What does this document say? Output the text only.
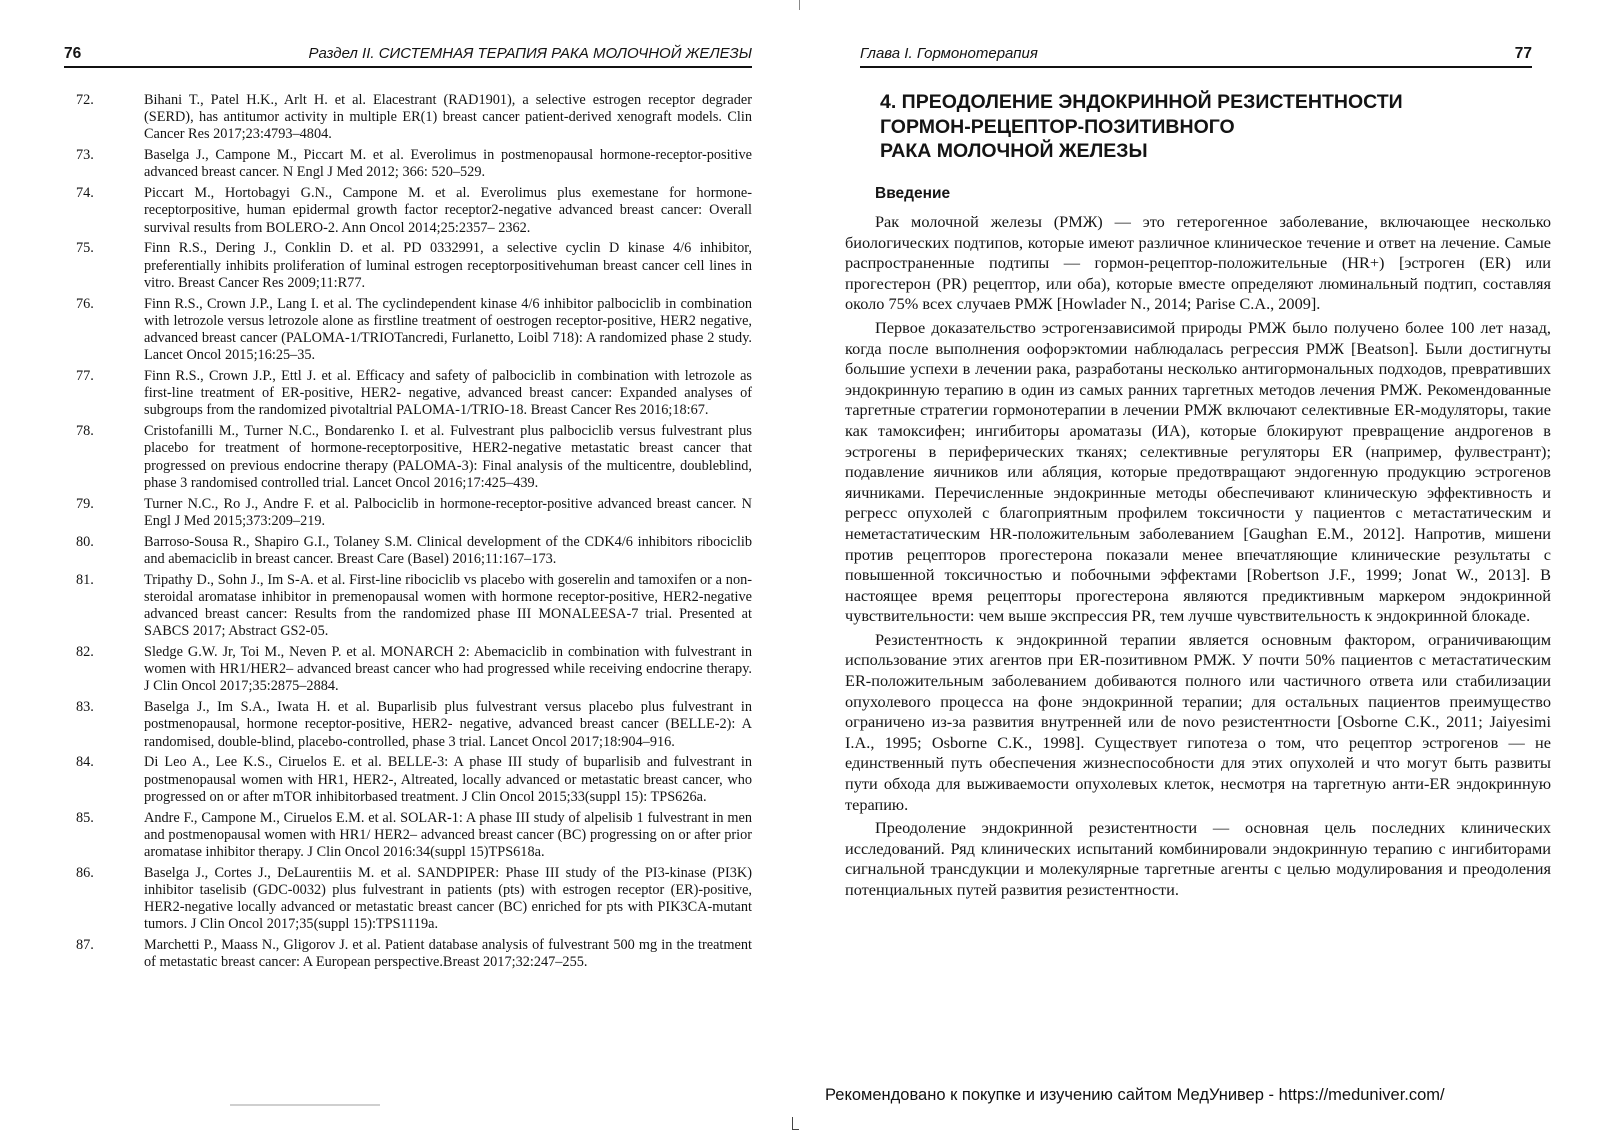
76	Раздел II. СИСТЕМНАЯ ТЕРАПИЯ РАКА МОЛОЧНОЙ ЖЕЛЕЗЫ
72.	Bihani T., Patel H.K., Arlt H. et al. Elacestrant (RAD1901), a selective estrogen receptor degrader (SERD), has antitumor activity in multiple ER(1) breast cancer patient-derived xenograft models. Clin Cancer Res 2017;23:4793–4804.
73.	Baselga J., Campone M., Piccart M. et al. Everolimus in postmenopausal hormone-receptor-positive advanced breast cancer. N Engl J Med 2012; 366: 520–529.
74.	Piccart M., Hortobagyi G.N., Campone M. et al. Everolimus plus exemestane for hormone-receptorpositive, human epidermal growth factor receptor2-negative advanced breast cancer: Overall survival results from BOLERO-2. Ann Oncol 2014;25:2357– 2362.
75.	Finn R.S., Dering J., Conklin D. et al. PD 0332991, a selective cyclin D kinase 4/6 inhibitor, preferentially inhibits proliferation of luminal estrogen receptorpositivehuman breast cancer cell lines in vitro. Breast Cancer Res 2009;11:R77.
76.	Finn R.S., Crown J.P., Lang I. et al. The cyclindependent kinase 4/6 inhibitor palbociclib in combination with letrozole versus letrozole alone as firstline treatment of oestrogen receptor-positive, HER2 negative, advanced breast cancer (PALOMA-1/TRIOTancredi, Furlanetto, Loibl 718): A randomized phase 2 study. Lancet Oncol 2015;16:25–35.
77.	Finn R.S., Crown J.P., Ettl J. et al. Efficacy and safety of palbociclib in combination with letrozole as first-line treatment of ER-positive, HER2- negative, advanced breast cancer: Expanded analyses of subgroups from the randomized pivotaltrial PALOMA-1/TRIO-18. Breast Cancer Res 2016;18:67.
78.	Cristofanilli M., Turner N.C., Bondarenko I. et al. Fulvestrant plus palbociclib versus fulvestrant plus placebo for treatment of hormone-receptorpositive, HER2-negative metastatic breast cancer that progressed on previous endocrine therapy (PALOMA-3): Final analysis of the multicentre, doubleblind, phase 3 randomised controlled trial. Lancet Oncol 2016;17:425–439.
79.	Turner N.C., Ro J., Andre F. et al. Palbociclib in hormone-receptor-positive advanced breast cancer. N Engl J Med 2015;373:209–219.
80.	Barroso-Sousa R., Shapiro G.I., Tolaney S.M. Clinical development of the CDK4/6 inhibitors ribociclib and abemaciclib in breast cancer. Breast Care (Basel) 2016;11:167–173.
81.	Tripathy D., Sohn J., Im S-A. et al. First-line ribociclib vs placebo with goserelin and tamoxifen or a non-steroidal aromatase inhibitor in premenopausal women with hormone receptor-positive, HER2-negative advanced breast cancer: Results from the randomized phase III MONALEESA-7 trial. Presented at SABCS 2017; Abstract GS2-05.
82.	Sledge G.W. Jr, Toi M., Neven P. et al. MONARCH 2: Abemaciclib in combination with fulvestrant in women with HR1/HER2– advanced breast cancer who had progressed while receiving endocrine therapy. J Clin Oncol 2017;35:2875–2884.
83.	Baselga J., Im S.A., Iwata H. et al. Buparlisib plus fulvestrant versus placebo plus fulvestrant in postmenopausal, hormone receptor-positive, HER2- negative, advanced breast cancer (BELLE-2): A randomised, double-blind, placebo-controlled, phase 3 trial. Lancet Oncol 2017;18:904–916.
84.	Di Leo A., Lee K.S., Ciruelos E. et al. BELLE-3: A phase III study of buparlisib and fulvestrant in postmenopausal women with HR1, HER2-, Altreated, locally advanced or metastatic breast cancer, who progressed on or after mTOR inhibitorbased treatment. J Clin Oncol 2015;33(suppl 15): TPS626a.
85.	Andre F., Campone M., Ciruelos E.M. et al. SOLAR-1: A phase III study of alpelisib 1 fulvestrant in men and postmenopausal women with HR1/ HER2– advanced breast cancer (BC) progressing on or after prior aromatase inhibitor therapy. J Clin Oncol 2016:34(suppl 15)TPS618a.
86.	Baselga J., Cortes J., DeLaurentiis M. et al. SANDPIPER: Phase III study of the PI3-kinase (PI3K) inhibitor taselisib (GDC-0032) plus fulvestrant in patients (pts) with estrogen receptor (ER)-positive, HER2-negative locally advanced or metastatic breast cancer (BC) enriched for pts with PIK3CA-mutant tumors. J Clin Oncol 2017;35(suppl 15):TPS1119a.
87.	Marchetti P., Maass N., Gligorov J. et al. Patient database analysis of fulvestrant 500 mg in the treatment of metastatic breast cancer: A European perspective.Breast 2017;32:247–255.
Глава I. Гормонотерапия	77
4. ПРЕОДОЛЕНИЕ ЭНДОКРИННОЙ РЕЗИСТЕНТНОСТИ
ГОРМОН-РЕЦЕПТОР-ПОЗИТИВНОГО
РАКА МОЛОЧНОЙ ЖЕЛЕЗЫ
Введение

Рак молочной железы (РМЖ) — это гетерогенное заболевание, включающее несколько биологических подтипов, которые имеют различное клиническое течение и ответ на лечение. Самые распространенные подтипы — гормон-рецептор-положительные (HR+) [эстроген (ER) или прогестерон (PR) рецептор, или оба), которые вместе определяют люминальный подтип, составляя около 75% всех случаев РМЖ [Howlader N., 2014; Parise C.A., 2009].

Первое доказательство эстрогензависимой природы РМЖ было получено более 100 лет назад, когда после выполнения оофорэктомии наблюдалась регрессия РМЖ [Beatson]. Были достигнуты большие успехи в лечении рака, разработаны несколько антигормональных подходов, превративших эндокринную терапию в один из самых ранних таргетных методов лечения РМЖ. Рекомендованные таргетные стратегии гормонотерапии в лечении РМЖ включают селективные ER-модуляторы, такие как тамоксифен; ингибиторы ароматазы (ИА), которые блокируют превращение андрогенов в эстрогены в периферических тканях; селективные регуляторы ER (например, фулвестрант); подавление яичников или абляция, которые предотвращают эндогенную продукцию эстрогенов яичниками. Перечисленные эндокринные методы обеспечивают клиническую эффективность и регресс опухолей с благоприятным профилем токсичности у пациентов с метастатическим и неметастатическим HR-положительным заболеванием [Gaughan E.M., 2012]. Напротив, мишени против рецепторов прогестерона показали менее впечатляющие клинические результаты с повышенной токсичностью и побочными эффектами [Robertson J.F., 1999; Jonat W., 2013]. В настоящее время рецепторы прогестерона являются предиктивным маркером эндокринной чувствительности: чем выше экспрессия PR, тем лучше чувствительность к эндокринной блокаде.

Резистентность к эндокринной терапии является основным фактором, ограничивающим использование этих агентов при ER-позитивном РМЖ. У почти 50% пациентов с метастатическим ER-положительным заболеванием добиваются полного или частичного ответа или стабилизации опухолевого процесса на фоне эндокринной терапии; для остальных пациентов преимущество ограничено из-за развития внутренней или de novo резистентности [Osborne C.K., 2011; Jaiyesimi I.A., 1995; Osborne C.K., 1998]. Существует гипотеза о том, что рецептор эстрогенов — не единственный путь обеспечения жизнеспособности для этих опухолей и что могут быть развиты пути обхода для выживаемости опухолевых клеток, несмотря на таргетную анти-ER эндокринную терапию.

Преодоление эндокринной резистентности — основная цель последних клинических исследований. Ряд клинических испытаний комбинировали эндокринную терапию с ингибиторами сигнальной трансдукции и молекулярные таргетные агенты с целью модулирования и преодоления потенциальных путей развития резистентности.

Рекомендовано к покупке и изучению сайтом МедУнивер - https://meduniver.com/
